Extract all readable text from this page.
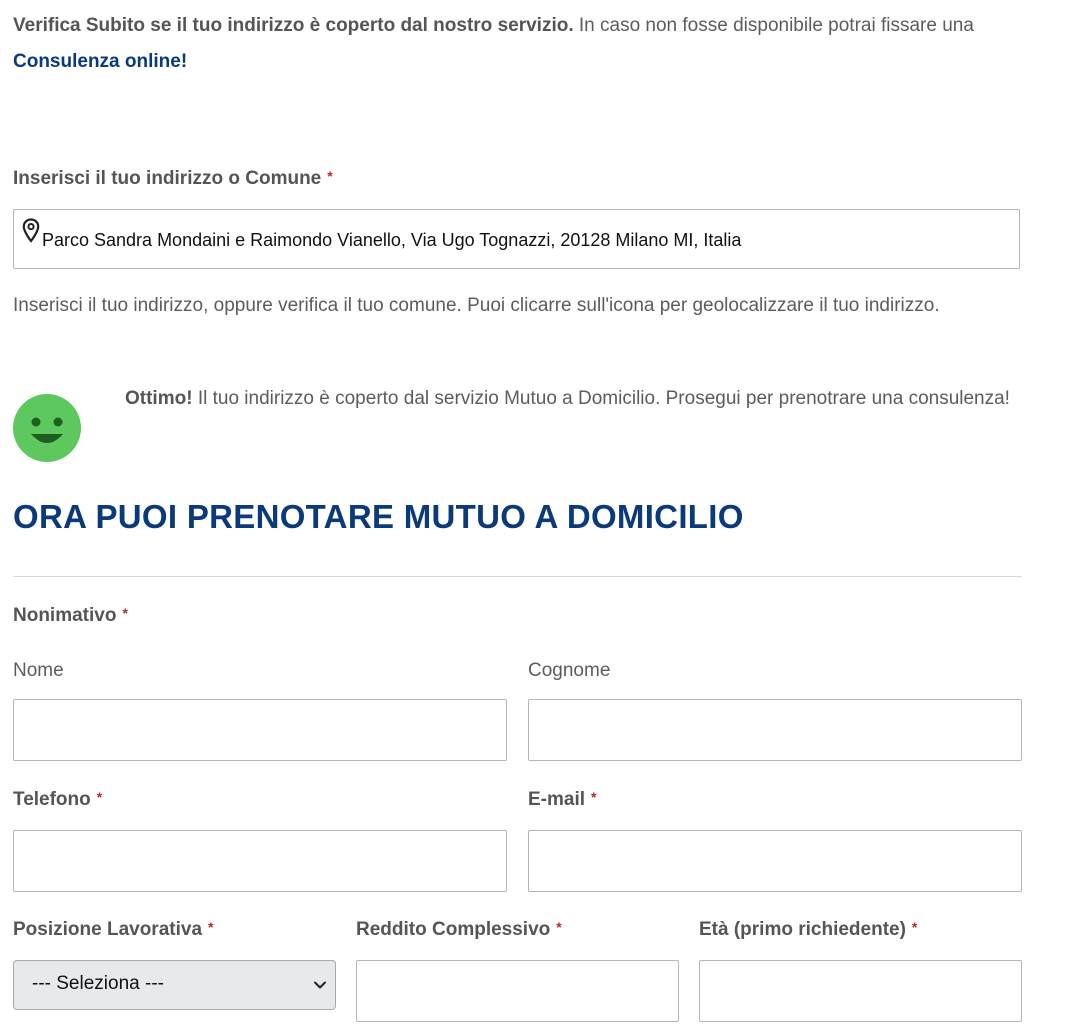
Verifica Subito se il tuo indirizzo è coperto dal nostro servizio. In caso non fosse disponibile potrai fissare una Consulenza online!
Inserisci il tuo indirizzo o Comune *
Parco Sandra Mondaini e Raimondo Vianello, Via Ugo Tognazzi, 20128 Milano MI, Italia
Inserisci il tuo indirizzo, oppure verifica il tuo comune. Puoi clicarre sull'icona per geolocalizzare il tuo indirizzo.
Ottimo! Il tuo indirizzo è coperto dal servizio Mutuo a Domicilio. Prosegui per prenotrare una consulenza!
ORA PUOI PRENOTARE MUTUO A DOMICILIO
Nonimativo *
Nome	Cognome
Telefono *	E-mail *
Posizione Lavorativa *	Reddito Complessivo *	Età (primo richiedente) *
--- Seleziona ---
